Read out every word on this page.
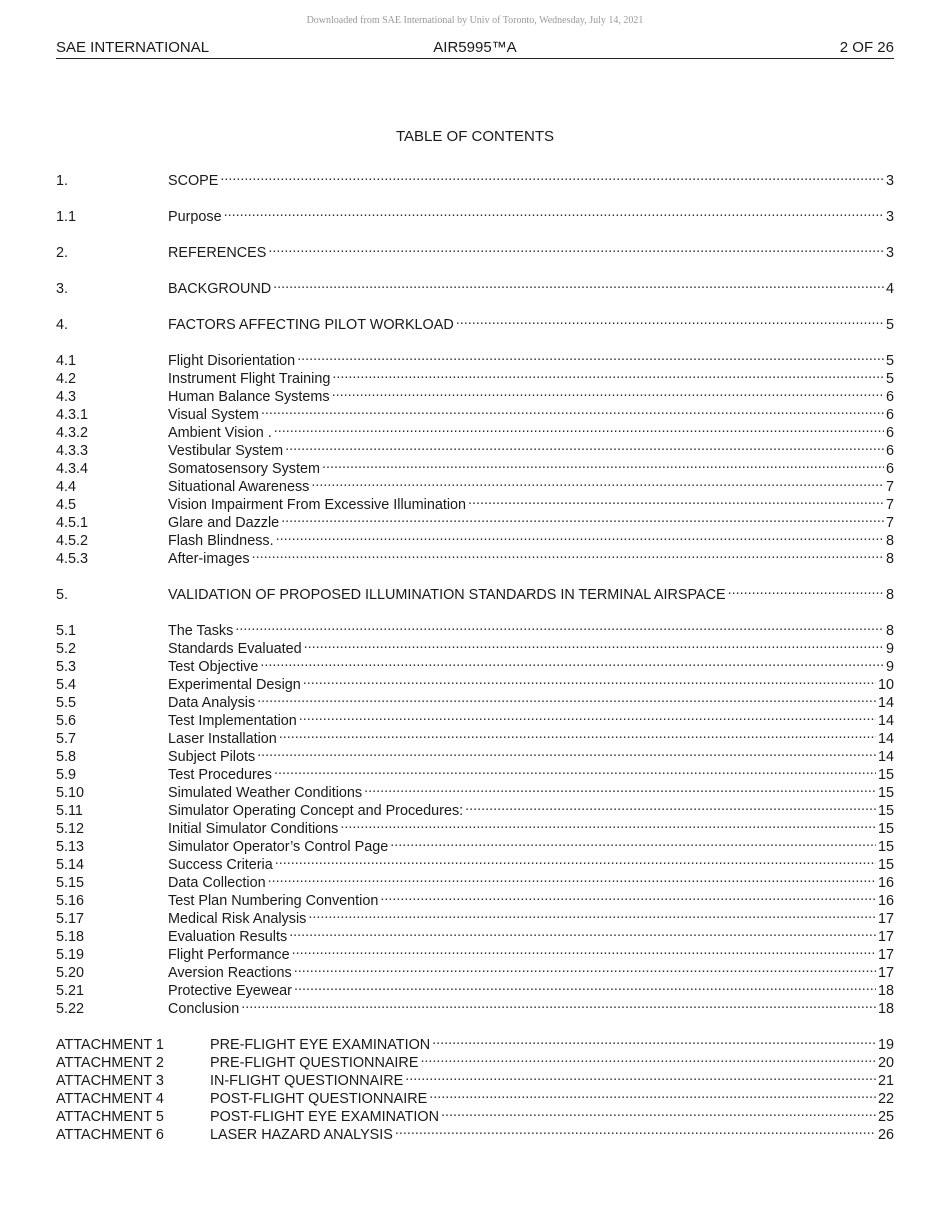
Downloaded from SAE International by Univ of Toronto, Wednesday, July 14, 2021
SAE INTERNATIONAL	AIR5995™A	2 OF 26
TABLE OF CONTENTS
1.	SCOPE .....	3
1.1	Purpose .....	3
2.	REFERENCES .....	3
3.	BACKGROUND .....	4
4.	FACTORS AFFECTING PILOT WORKLOAD .....	5
4.1	Flight Disorientation .....	5
4.2	Instrument Flight Training .....	5
4.3	Human Balance Systems .....	6
4.3.1	Visual System .....	6
4.3.2	Ambient Vision . .....	6
4.3.3	Vestibular System .....	6
4.3.4	Somatosensory System .....	6
4.4	Situational Awareness .....	7
4.5	Vision Impairment From Excessive Illumination .....	7
4.5.1	Glare and Dazzle .....	7
4.5.2	Flash Blindness. .....	8
4.5.3	After-images .....	8
5.	VALIDATION OF PROPOSED ILLUMINATION STANDARDS IN TERMINAL AIRSPACE .....	8
5.1	The Tasks .....	8
5.2	Standards Evaluated .....	9
5.3	Test Objective .....	9
5.4	Experimental Design .....	10
5.5	Data Analysis .....	14
5.6	Test Implementation .....	14
5.7	Laser Installation .....	14
5.8	Subject Pilots .....	14
5.9	Test Procedures .....	15
5.10	Simulated Weather Conditions .....	15
5.11	Simulator Operating Concept and Procedures: .....	15
5.12	Initial Simulator Conditions .....	15
5.13	Simulator Operator’s Control Page .....	15
5.14	Success Criteria .....	15
5.15	Data Collection .....	16
5.16	Test Plan Numbering Convention .....	16
5.17	Medical Risk Analysis .....	17
5.18	Evaluation Results .....	17
5.19	Flight Performance .....	17
5.20	Aversion Reactions .....	17
5.21	Protective Eyewear .....	18
5.22	Conclusion .....	18
ATTACHMENT 1	PRE-FLIGHT EYE EXAMINATION .....	19
ATTACHMENT 2	PRE-FLIGHT QUESTIONNAIRE .....	20
ATTACHMENT 3	IN-FLIGHT QUESTIONNAIRE .....	21
ATTACHMENT 4	POST-FLIGHT QUESTIONNAIRE .....	22
ATTACHMENT 5	POST-FLIGHT EYE EXAMINATION .....	25
ATTACHMENT 6	LASER HAZARD ANALYSIS .....	26
